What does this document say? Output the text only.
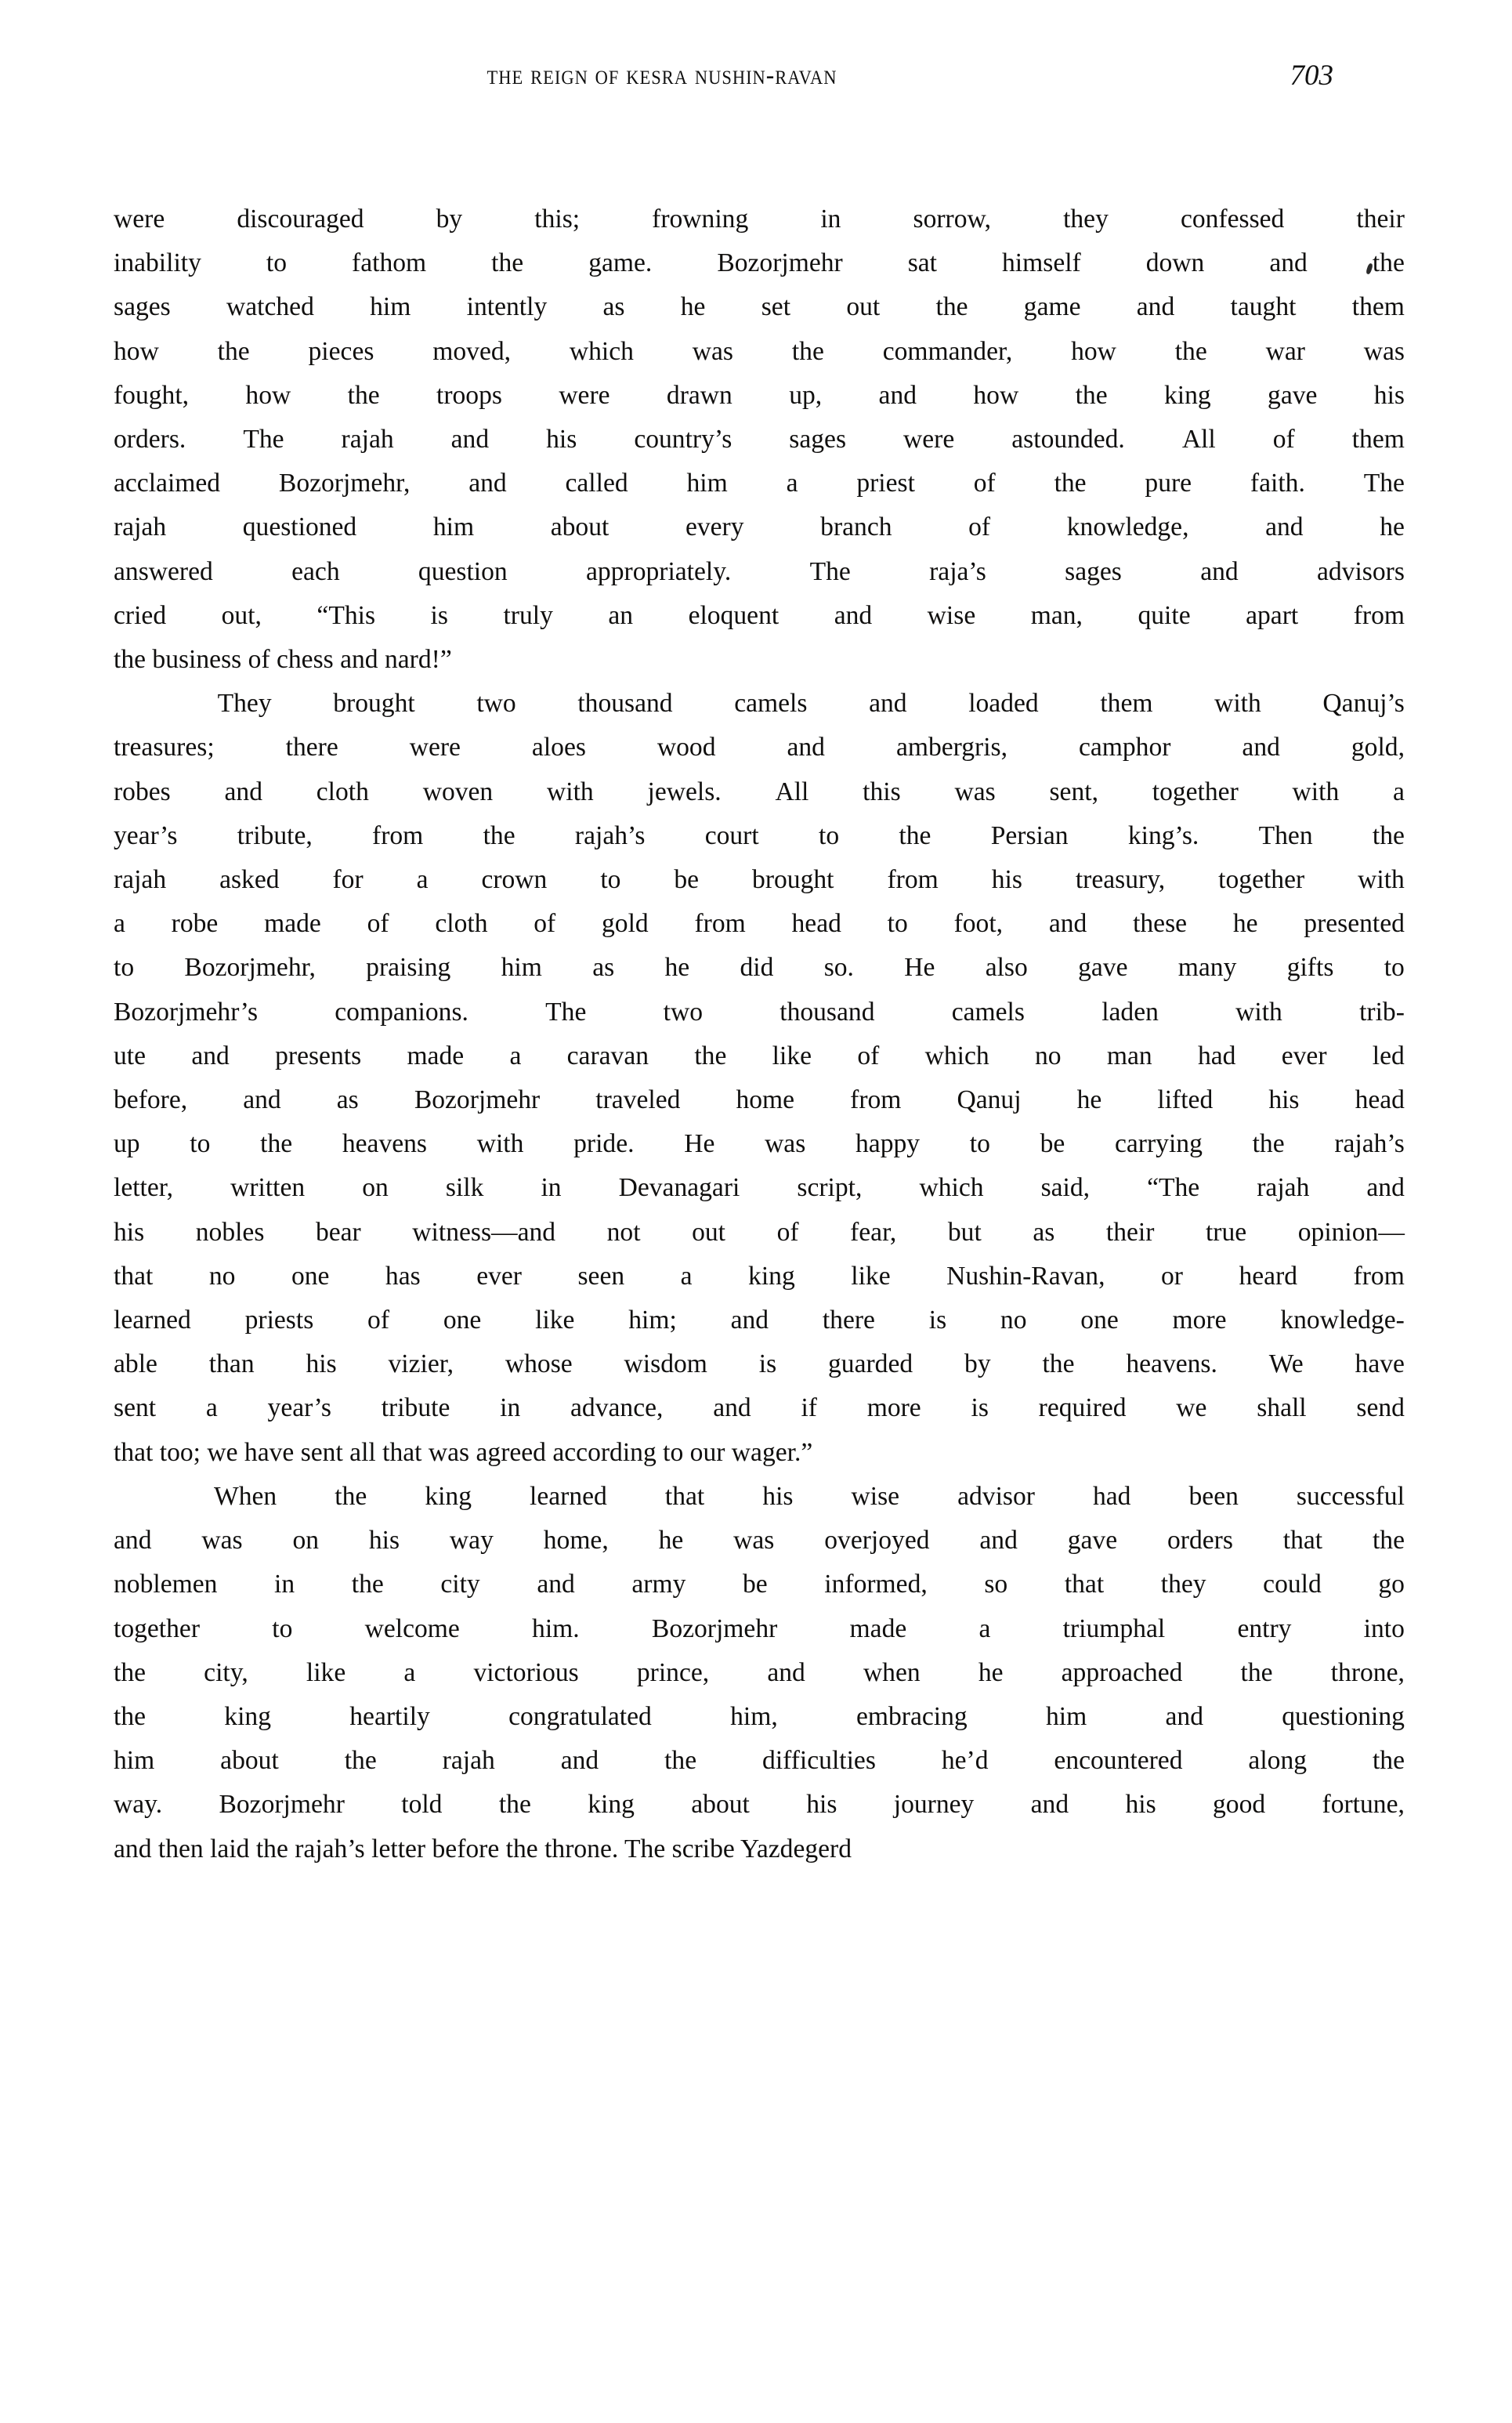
the reign of kesra nushin-ravan	703
were	discouraged	by	this;	frowning	in	sorrow,	they	confessed	their
inability to fathom the game. Bozorjmehr sat himself down and the
sages watched him intently as he set out the game and taught them
how the pieces moved, which was the commander, how the war was
fought, how the troops were drawn up, and how the king gave his
orders. The rajah and his country’s sages were astounded. All of them
acclaimed Bozorjmehr, and called him a priest of the pure faith. The
rajah	questioned	him	about	every	branch	of	knowledge,	and	he
answered	each	question	appropriately.	The	raja’s	sages	and	advisors
cried out, “This is truly an eloquent and wise man, quite apart from
the business of chess and nard!”
They brought two thousand camels and loaded them with Qanuj’s
treasures;	there	were	aloes	wood	and	ambergris,	camphor	and	gold,
robes and cloth woven with jewels. All this was sent, together with a
year’s tribute, from the rajah’s court to the Persian king’s. Then the
rajah asked for a crown to be brought from his treasury, together with
a robe made of cloth of gold from head to foot, and these he presented
to Bozorjmehr, praising him as he did so. He also gave many gifts to
Bozorjmehr’s	companions.	The	two	thousand	camels	laden	with	trib-
ute and presents made a caravan the like of which no man had ever led
before, and as Bozorjmehr traveled home from Qanuj he lifted his head
up to the heavens with pride. He was happy to be carrying the rajah’s
letter, written on silk in Devanagari script, which said, “The rajah and
his nobles bear witness—and not out of fear, but as their true opinion—
that no one has ever seen a king like Nushin-Ravan, or heard from
learned priests of one like him; and there is no one more knowledge-
able than his vizier, whose wisdom is guarded by the heavens. We have
sent a year’s tribute in advance, and if more is required we shall send
that too; we have sent all that was agreed according to our wager.”
When the king learned that his wise advisor had been successful
and was on his way home, he was overjoyed and gave orders that the
noblemen in the city and army be informed, so that they could go
together	to	welcome	him.	Bozorjmehr	made	a	triumphal	entry	into
the city, like a victorious prince, and when he approached the throne,
the	king	heartily	congratulated	him,	embracing	him	and	questioning
him about the rajah and the difficulties he’d encountered along the
way. Bozorjmehr told the king about his journey and his good fortune,
and then laid the rajah’s letter before the throne. The scribe Yazdegerd
